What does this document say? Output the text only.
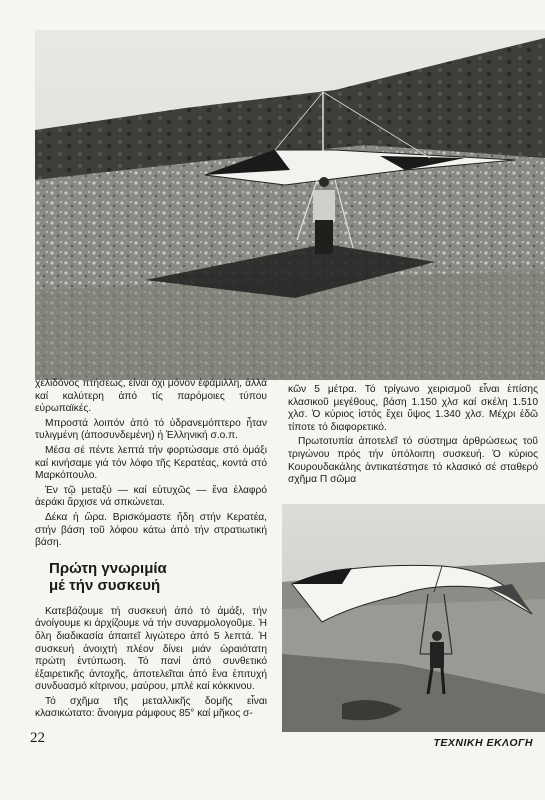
χελιδόνος πτήσεως, είναι όχι μόνον ἐφάμιλλη, ἀλλά καί καλύτερη ἀπό τίς παρόμοιες τύπου εὐρωπαϊκές.

Μπροστά λοιπόν ἀπό τό ὑδρανεμόπτερο ἦταν τυλιγμένη (ἀποσυνδεμένη) ἡ Ἑλληνική σ.ο.π.

Μέσα σέ πέντε λεπτά τήν φορτώσαμε στό ὁμάξι καί κινήσαμε γιά τόν λόφο τῆς Κερατέας, κοντά στό Μαρκόπουλο.

Ἐν τῷ μεταξύ — καί εὐτυχῶς — ἕνα ἐλαφρό ἀεράκι ἄρχισε νά σπκώνεται.

Δέκα ἡ ὥρα. Βρισκόμαστε ἤδη στήν Κερατέα, στήν βάση τοῦ λόφου κάτω ἀπό τήν στρατιωτική βάση.

Πρώτη γνωριμία
μέ τήν συσκευή

Κατεβάζουμε τή συσκευή ἀπό τό ἀμάξι, τήν ἀνοίγουμε κι ἀρχίζουμε νά τήν συναρμολογοῦμε. Ἡ ὅλη διαδικασία ἀπαιτεῖ λιγώτερο ἀπό 5 λεπτά. Ἡ συσκευή ἀνοιχτή πλέον δίνει μιάν ὡραιότατη πρώτη ἐντύπωση. Τό πανί ἀπό συνθετικό ἐξαιρετικῆς ἀντοχῆς, ἀποτελεῖται ἀπό ἕνα ἐπιτυχή συνδυασμό κίτρινου, μαύρου, μπλέ καί κόκκινου.

Τό σχῆμα τῆς μεταλλικῆς δομῆς εἶναι κλασικώτατο: ἄνοιγμα ράμφους 85° καί μῆκος σ-

κῶν 5 μέτρα. Τό τρίγωνο χειρισμοῦ εἶναι ἐπίσης κλασικοῦ μεγέθους, βάση 1.150 χλσ καί σκέλη 1.510 χλσ. Ὁ κύριος ἱστός ἔχει ὕψος 1.340 χλσ. Μέχρι ἐδῶ τίποτε τό διαφορετικό.

Πρωτοτυπία ἀποτελεῖ τό σύστημα ἀρθρώσεως τοῦ τριγώνου πρός τήν ὑπόλοιπη συσκευή. Ὁ κύριος Κουρουδακάλης ἀντικατέστησε τό κλασικό σέ σταθερό σχῆμα Π σῶμα

22	ΤΕΧΝΙΚΗ ΕΚΛΟΓΗ
